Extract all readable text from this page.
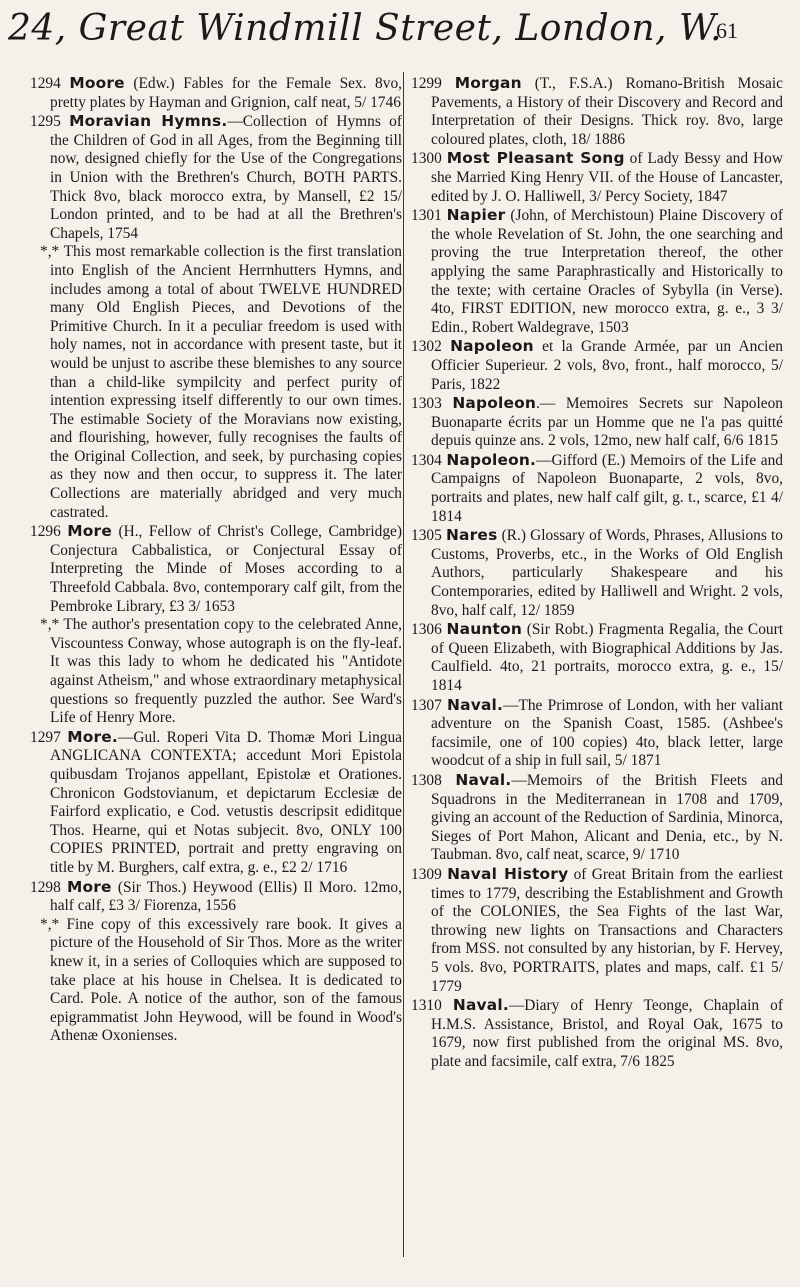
24, Great Windmill Street, London, W.
61

1294 Moore (Edw.) Fables for the Female Sex. 8vo, pretty plates by Hayman and Grignion, calf neat, 5/ 1746

1295 Moravian Hymns.—Collection of Hymns of the Children of God in all Ages, from the Beginning till now, designed chiefly for the Use of the Congregations in Union with the Brethren's Church, BOTH PARTS. Thick 8vo, black morocco extra, by Mansell, £2 15/ London printed, and to be had at all the Brethren's Chapels, 1754

*,* This most remarkable collection is the first translation into English of the Ancient Herrnhutters Hymns, and includes among a total of about TWELVE HUNDRED many Old English Pieces, and Devotions of the Primitive Church. In it a peculiar freedom is used with holy names, not in accordance with present taste, but it would be unjust to ascribe these blemishes to any source than a child-like sympilcity and perfect purity of intention expressing itself differently to our own times. The estimable Society of the Moravians now existing, and flourishing, however, fully recognises the faults of the Original Collection, and seek, by purchasing copies as they now and then occur, to suppress it. The later Collections are materially abridged and very much castrated.

1296 More (H., Fellow of Christ's College, Cambridge) Conjectura Cabbalistica, or Conjectural Essay of Interpreting the Minde of Moses according to a Threefold Cabbala. 8vo, contemporary calf gilt, from the Pembroke Library, £3 3/ 1653

*,* The author's presentation copy to the celebrated Anne, Viscountess Conway, whose autograph is on the fly-leaf. It was this lady to whom he dedicated his "Antidote against Atheism," and whose extraordinary metaphysical questions so frequently puzzled the author. See Ward's Life of Henry More.

1297 More.—Gul. Roperi Vita D. Thomæ Mori Lingua ANGLICANA CONTEXTA; accedunt Mori Epistola quibusdam Trojanos appellant, Epistolæ et Orationes. Chronicon Godstovianum, et depictarum Ecclesiæ de Fairford explicatio, e Cod. vetustis descripsit ediditque Thos. Hearne, qui et Notas subjecit. 8vo, ONLY 100 COPIES PRINTED, portrait and pretty engraving on title by M. Burghers, calf extra, g. e., £2 2/ 1716

1298 More (Sir Thos.) Heywood (Ellis) Il Moro. 12mo, half calf, £3 3/ Fiorenza, 1556

*,* Fine copy of this excessively rare book. It gives a picture of the Household of Sir Thos. More as the writer knew it, in a series of Colloquies which are supposed to take place at his house in Chelsea. It is dedicated to Card. Pole. A notice of the author, son of the famous epigrammatist John Heywood, will be found in Wood's Athenæ Oxonienses.

1299 Morgan (T., F.S.A.) Romano-British Mosaic Pavements, a History of their Discovery and Record and Interpretation of their Designs. Thick roy. 8vo, large coloured plates, cloth, 18/ 1886

1300 Most Pleasant Song of Lady Bessy and How she Married King Henry VII. of the House of Lancaster, edited by J. O. Halliwell, 3/ Percy Society, 1847

1301 Napier (John, of Merchistoun) Plaine Discovery of the whole Revelation of St. John, the one searching and proving the true Interpretation thereof, the other applying the same Paraphrastically and Historically to the texte; with certaine Oracles of Sybylla (in Verse). 4to, FIRST EDITION, new morocco extra, g. e., 3 3/ Edin., Robert Waldegrave, 1503

1302 Napoleon et la Grande Armée, par un Ancien Officier Superieur. 2 vols, 8vo, front., half morocco, 5/ Paris, 1822

1303 Napoleon.— Memoires Secrets sur Napoleon Buonaparte écrits par un Homme que ne l'a pas quitté depuis quinze ans. 2 vols, 12mo, new half calf, 6/6 1815

1304 Napoleon.—Gifford (E.) Memoirs of the Life and Campaigns of Napoleon Buonaparte, 2 vols, 8vo, portraits and plates, new half calf gilt, g. t., scarce, £1 4/ 1814

1305 Nares (R.) Glossary of Words, Phrases, Allusions to Customs, Proverbs, etc., in the Works of Old English Authors, particularly Shakespeare and his Contemporaries, edited by Halliwell and Wright. 2 vols, 8vo, half calf, 12/ 1859

1306 Naunton (Sir Robt.) Fragmenta Regalia, the Court of Queen Elizabeth, with Biographical Additions by Jas. Caulfield. 4to, 21 portraits, morocco extra, g. e., 15/ 1814

1307 Naval.—The Primrose of London, with her valiant adventure on the Spanish Coast, 1585. (Ashbee's facsimile, one of 100 copies) 4to, black letter, large woodcut of a ship in full sail, 5/ 1871

1308 Naval.—Memoirs of the British Fleets and Squadrons in the Mediterranean in 1708 and 1709, giving an account of the Reduction of Sardinia, Minorca, Sieges of Port Mahon, Alicant and Denia, etc., by N. Taubman. 8vo, calf neat, scarce, 9/ 1710

1309 Naval History of Great Britain from the earliest times to 1779, describing the Establishment and Growth of the COLONIES, the Sea Fights of the last War, throwing new lights on Transactions and Characters from MSS. not consulted by any historian, by F. Hervey, 5 vols. 8vo, PORTRAITS, plates and maps, calf. £1 5/ 1779

1310 Naval.—Diary of Henry Teonge, Chaplain of H.M.S. Assistance, Bristol, and Royal Oak, 1675 to 1679, now first published from the original MS. 8vo, plate and facsimile, calf extra, 7/6 1825
